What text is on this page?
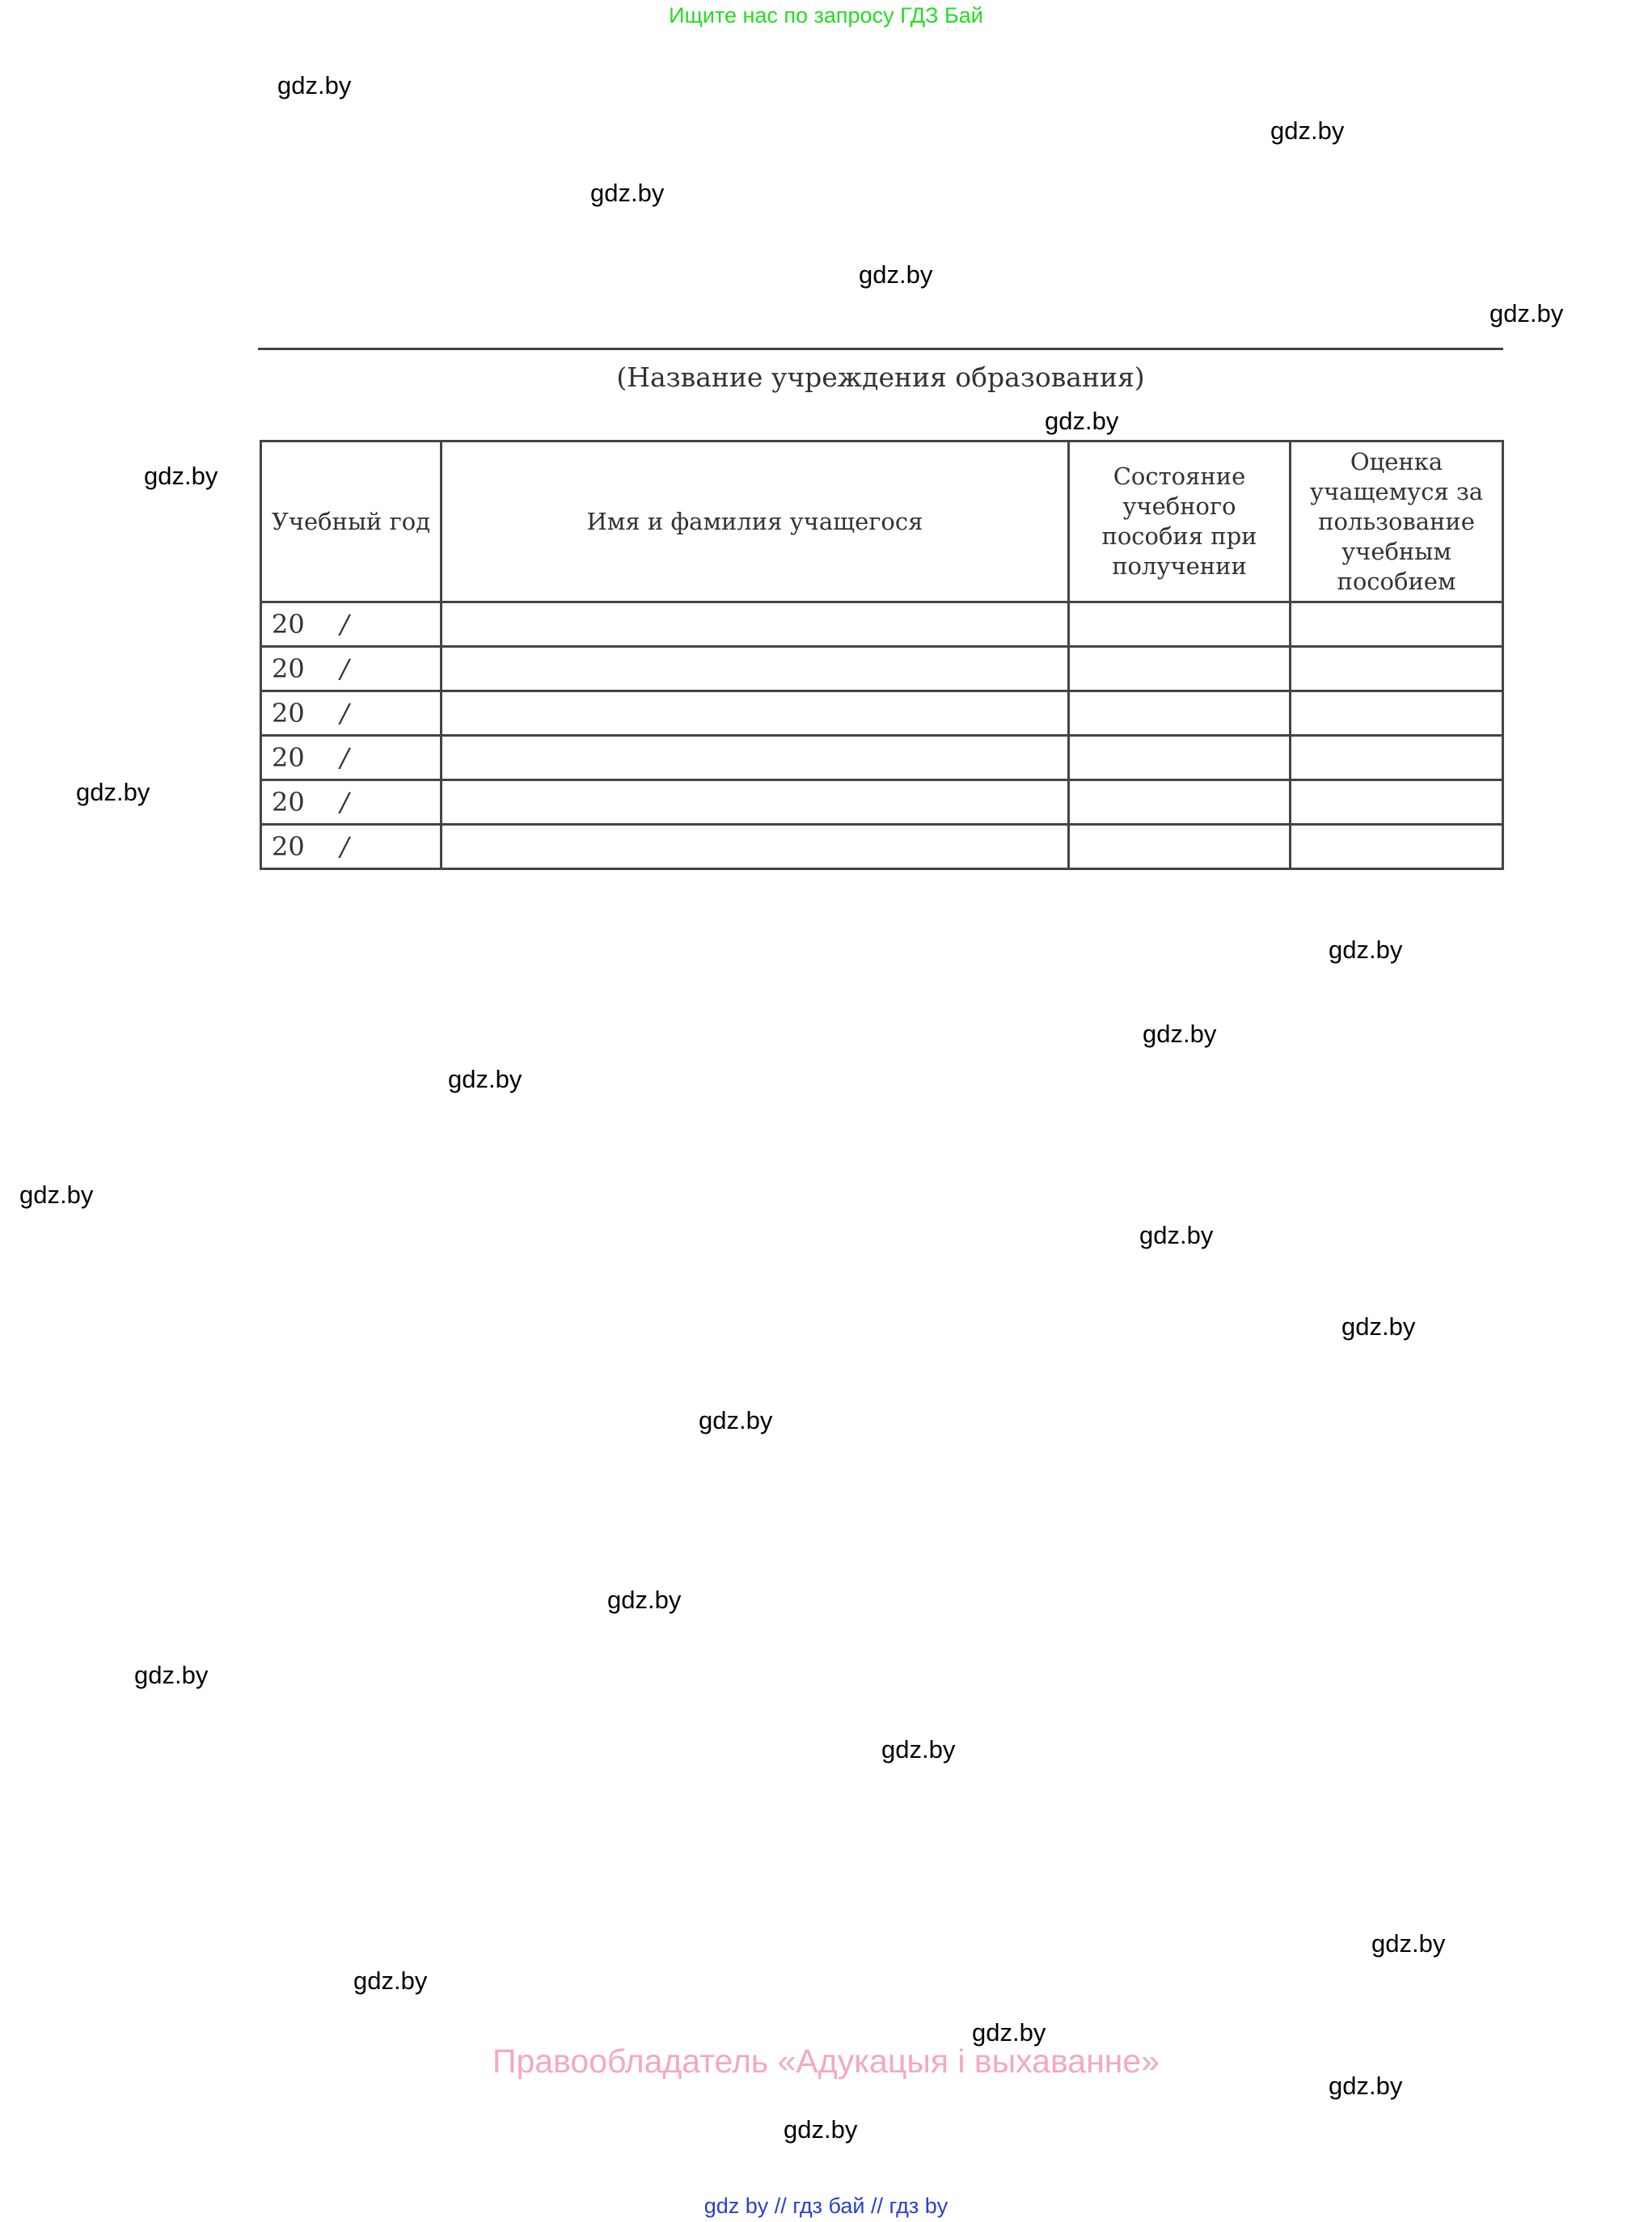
Ищите нас по запросу ГДЗ Бай
gdz.by
gdz.by
gdz.by
gdz.by
gdz.by
gdz.by
gdz.by
gdz.by
gdz.by
gdz.by
gdz.by
gdz.by
gdz.by
gdz.by
gdz.by
gdz.by
gdz.by
gdz.by
gdz.by
gdz.by
gdz.by
gdz.by
gdz.by
(Название учреждения образования)
Учебный год	Имя и фамилия учащегося	Состояние учебного пособия при получении	Оценка учащемуся за пользование учебным пособием

20 /			

20 /			

20 /			

20 /			

20 /			

20 /			

Правообладатель «Адукацыя і выхаванне»
gdz by // гдз бай // гдз by
